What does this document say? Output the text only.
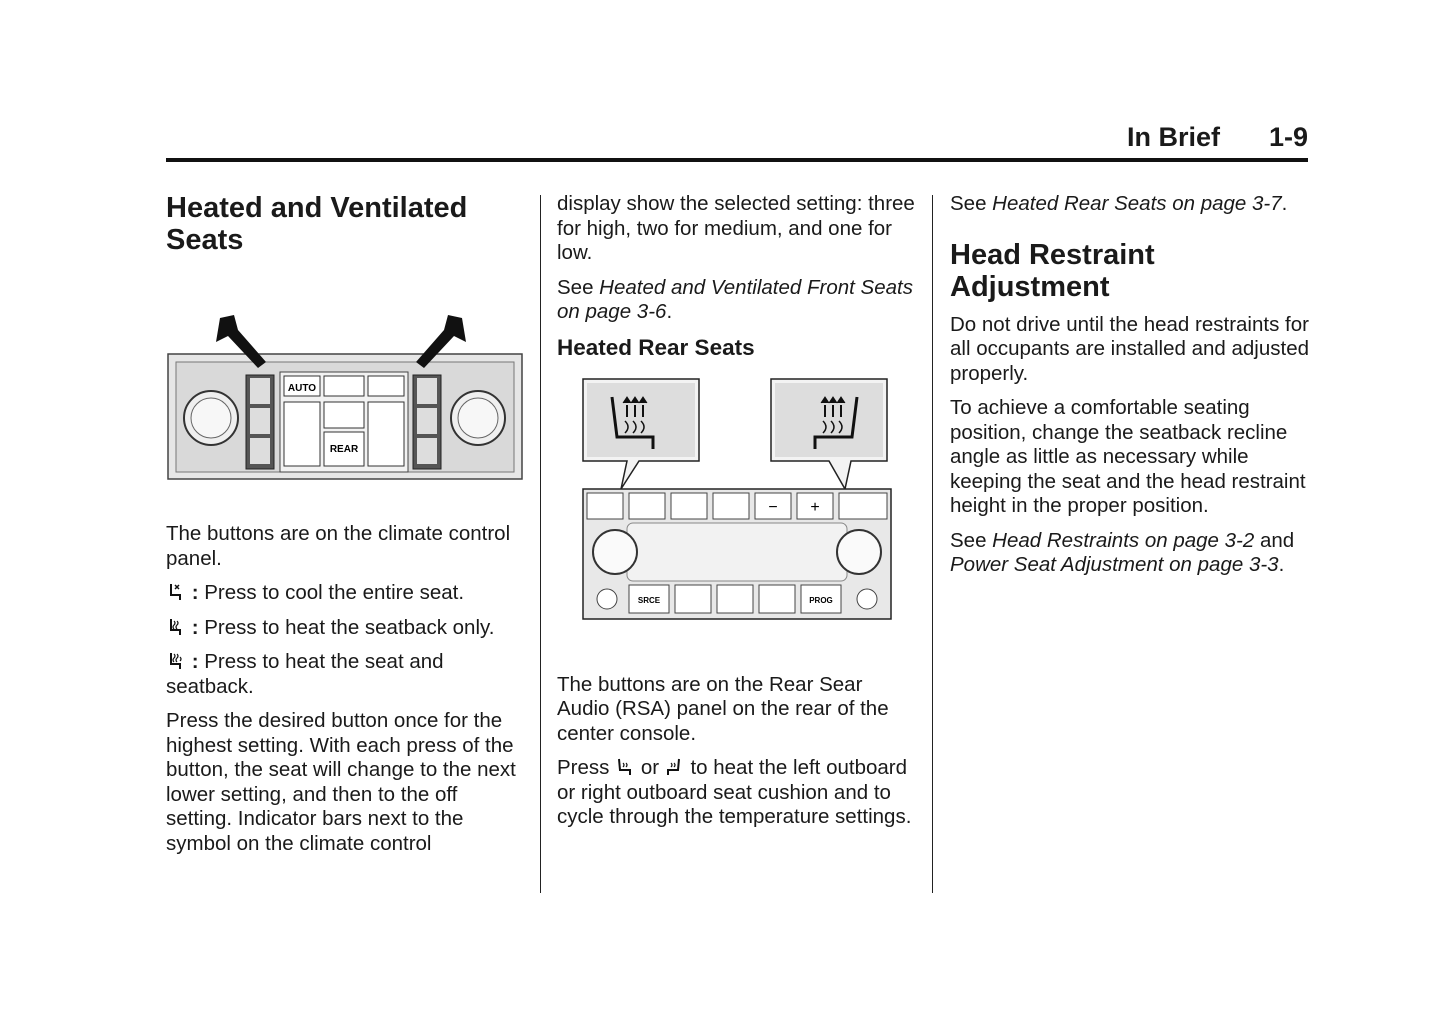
In Brief 1-9
Heated and Ventilated
Seats
AUTO
REAR

The buttons are on the climate control panel.

: Press to cool the entire seat.

: Press to heat the seatback only.

: Press to heat the seat and seatback.

Press the desired button once for the highest setting. With each press of the button, the seat will change to the next lower setting, and then to the off setting. Indicator bars next to the symbol on the climate control

display show the selected setting: three for high, two for medium, and one for low.

See Heated and Ventilated Front Seats on page 3-6.

Heated Rear Seats
− +
SRCE	PROG

The buttons are on the Rear Sear Audio (RSA) panel on the rear of the center console.

Press or to heat the left outboard or right outboard seat cushion and to cycle through the temperature settings.

See Heated Rear Seats on page 3-7.

Head Restraint
Adjustment

Do not drive until the head restraints for all occupants are installed and adjusted properly.

To achieve a comfortable seating position, change the seatback recline angle as little as necessary while keeping the seat and the head restraint height in the proper position.

See Head Restraints on page 3-2 and Power Seat Adjustment on page 3-3.
